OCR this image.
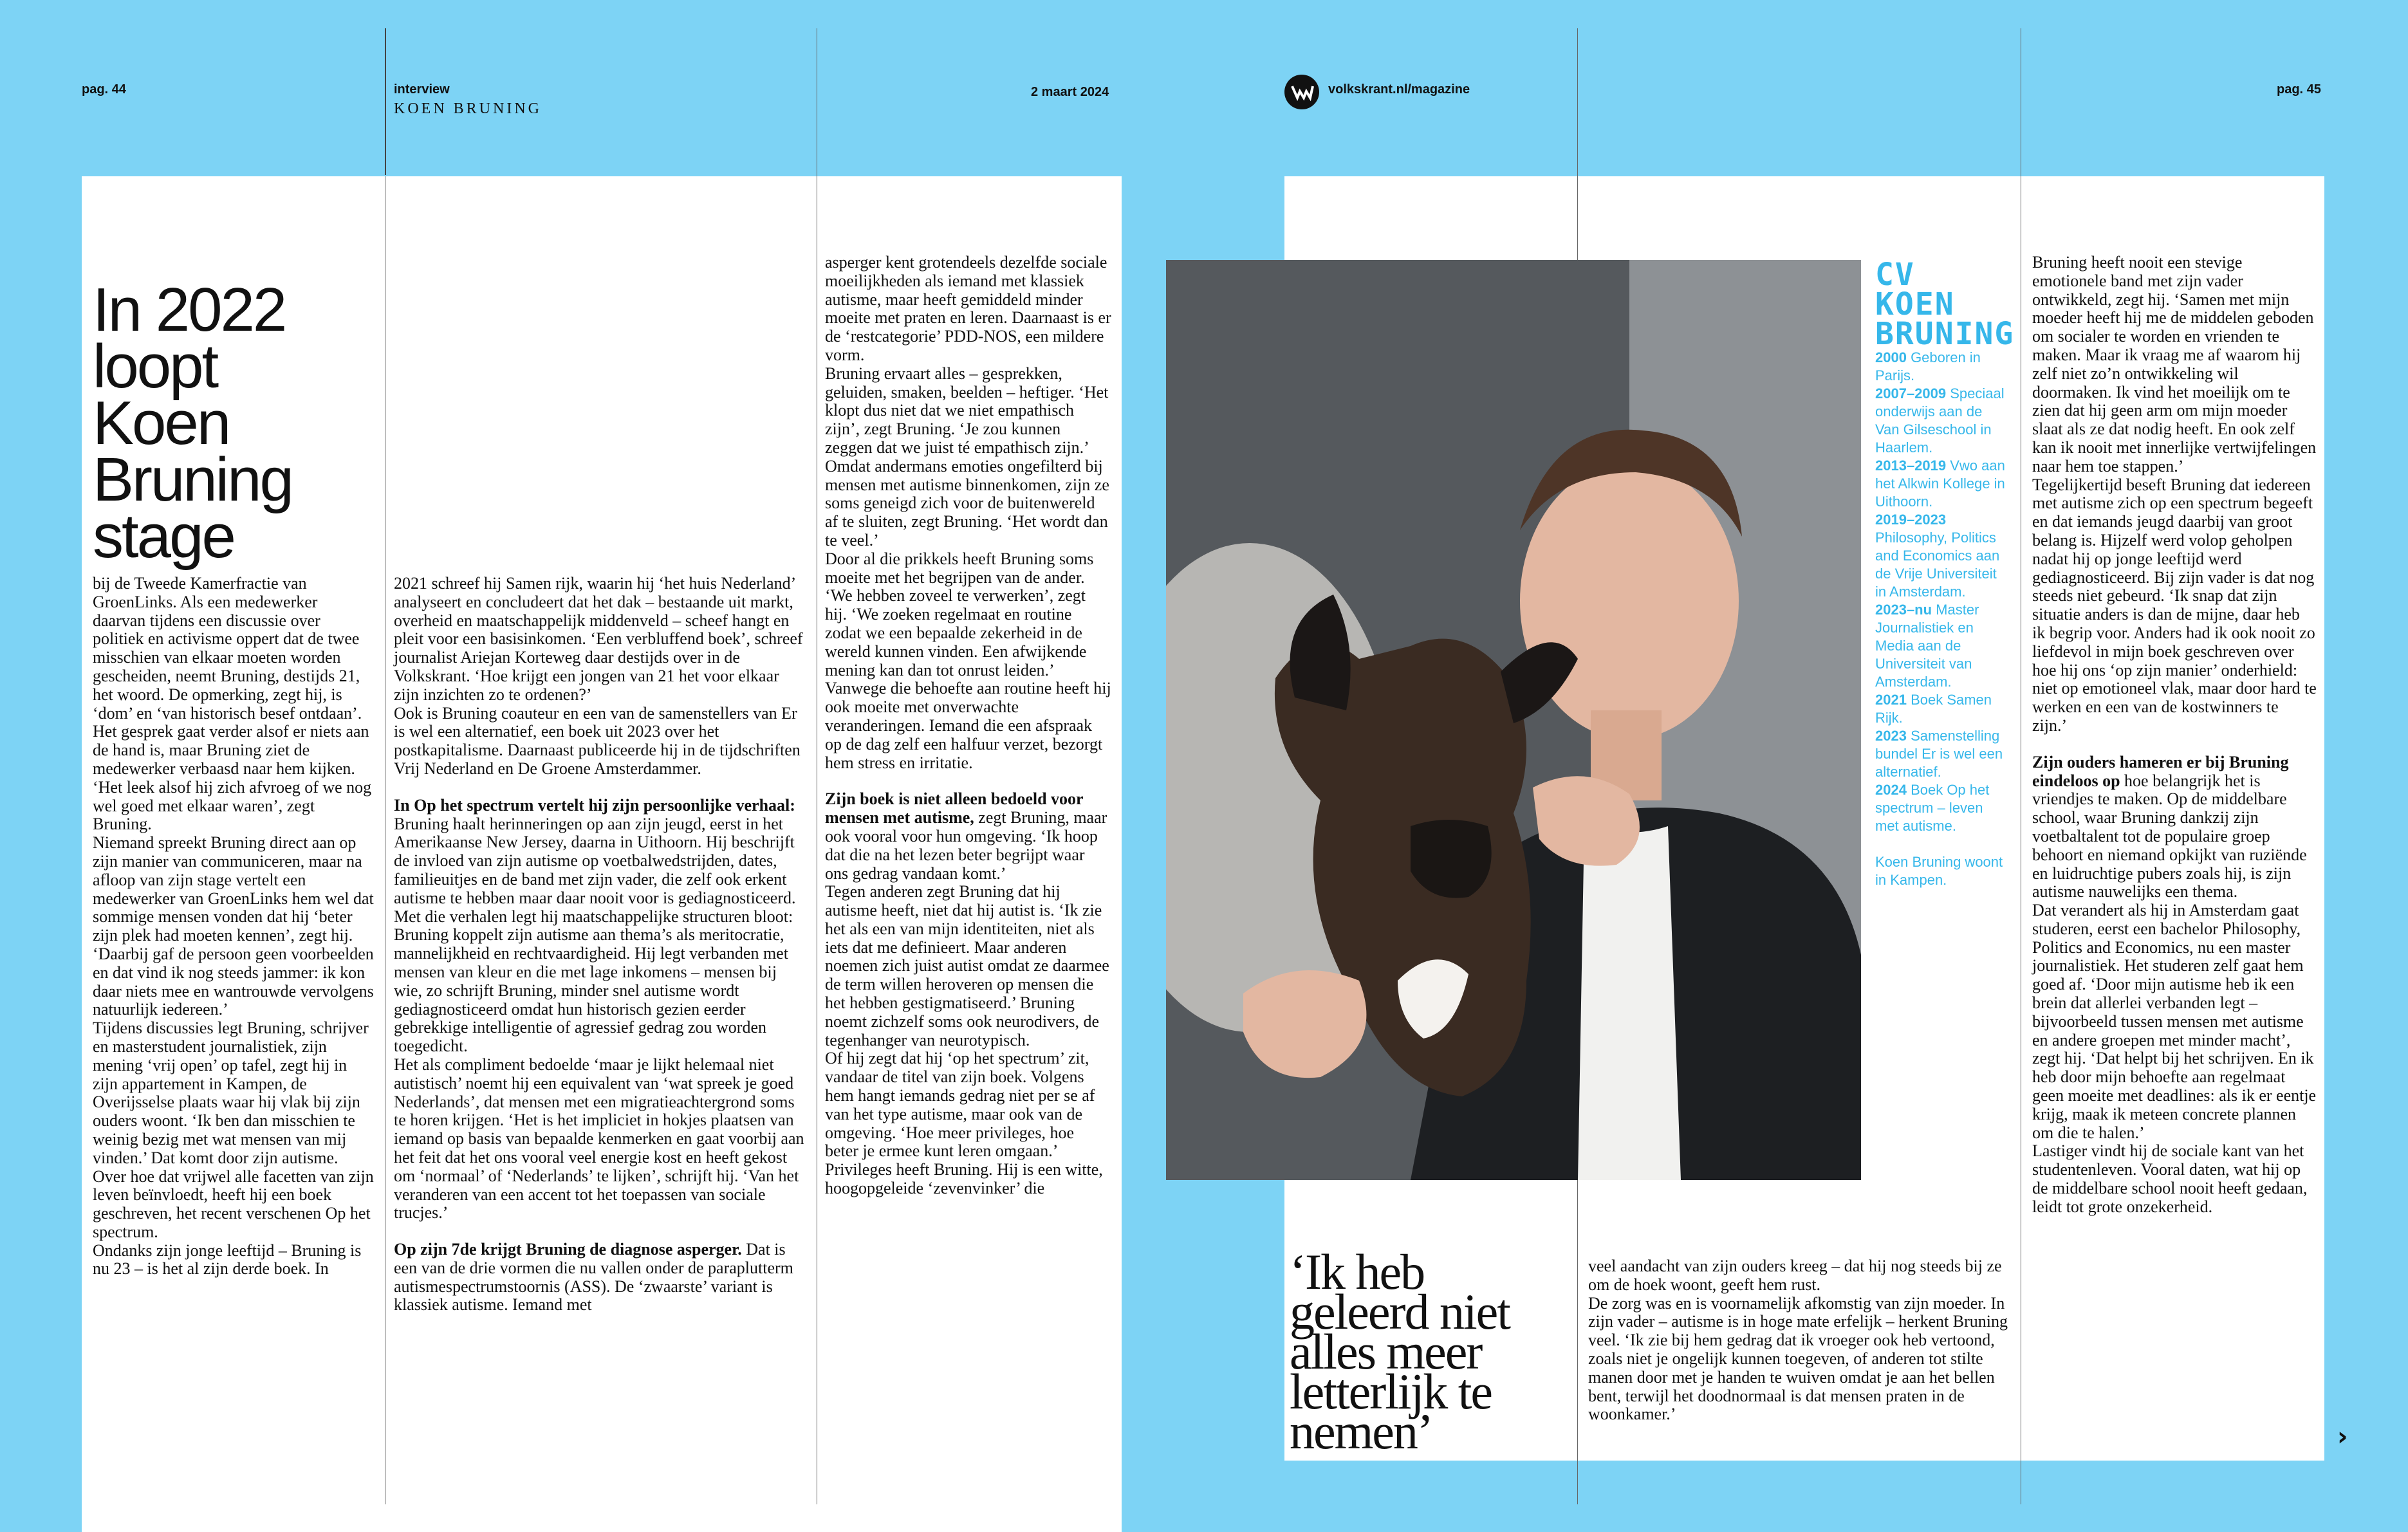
pag. 44	interview
KOEN BRUNING
2 maart 2024	volkskrant.nl/magazine	pag. 45
In 2022 loopt Koen Bruning stage

bij de Tweede Kamerfractie van GroenLinks. Als een medewerker daarvan tijdens een discussie over politiek en activisme oppert dat de twee misschien van elkaar moeten worden gescheiden, neemt Bruning, destijds 21, het woord. De opmerking, zegt hij, is ‘dom’ en ‘van historisch besef ontdaan’.

Het gesprek gaat verder alsof er niets aan de hand is, maar Bruning ziet de medewerker verbaasd naar hem kijken. ‘Het leek alsof hij zich afvroeg of we nog wel goed met elkaar waren’, zegt Bruning.

Niemand spreekt Bruning direct aan op zijn manier van communiceren, maar na afloop van zijn stage vertelt een medewerker van GroenLinks hem wel dat sommige mensen vonden dat hij ‘beter zijn plek had moeten kennen’, zegt hij. ‘Daarbij gaf de persoon geen voorbeelden en dat vind ik nog steeds jammer: ik kon daar niets mee en wantrouwde vervolgens natuurlijk iedereen.’

Tijdens discussies legt Bruning, schrijver en masterstudent journalistiek, zijn mening ‘vrij open’ op tafel, zegt hij in zijn appartement in Kampen, de Overijsselse plaats waar hij vlak bij zijn ouders woont. ‘Ik ben dan misschien te weinig bezig met wat mensen van mij vinden.’ Dat komt door zijn autisme. Over hoe dat vrijwel alle facetten van zijn leven beïnvloedt, heeft hij een boek geschreven, het recent verschenen Op het spectrum.

Ondanks zijn jonge leeftijd – Bruning is nu 23 – is het al zijn derde boek. In

2021 schreef hij Samen rijk, waarin hij ‘het huis Nederland’ analyseert en concludeert dat het dak – bestaande uit markt, overheid en maatschappelijk middenveld – scheef hangt en pleit voor een basisinkomen. ‘Een verbluffend boek’, schreef journalist Ariejan Korteweg daar destijds over in de Volkskrant. ‘Hoe krijgt een jongen van 21 het voor elkaar zijn inzichten zo te ordenen?’

Ook is Bruning coauteur en een van de samenstellers van Er is wel een alternatief, een boek uit 2023 over het postkapitalisme. Daarnaast publiceerde hij in de tijdschriften Vrij Nederland en De Groene Amsterdammer.

In Op het spectrum vertelt hij zijn persoonlijke verhaal: Bruning haalt herinneringen op aan zijn jeugd, eerst in het Amerikaanse New Jersey, daarna in Uithoorn. Hij beschrijft de invloed van zijn autisme op voetbalwedstrijden, dates, familieuitjes en de band met zijn vader, die zelf ook erkent autisme te hebben maar daar nooit voor is gediagnosticeerd.

Met die verhalen legt hij maatschappelijke structuren bloot: Bruning koppelt zijn autisme aan thema’s als meritocratie, mannelijkheid en rechtvaardigheid. Hij legt verbanden met mensen van kleur en die met lage inkomens – mensen bij wie, zo schrijft Bruning, minder snel autisme wordt gediagnosticeerd omdat hun historisch gezien eerder gebrekkige intelligentie of agressief gedrag zou worden toegedicht.

Het als compliment bedoelde ‘maar je lijkt helemaal niet autistisch’ noemt hij een equivalent van ‘wat spreek je goed Nederlands’, dat mensen met een migratieachtergrond soms te horen krijgen. ‘Het is het impliciet in hokjes plaatsen van iemand op basis van bepaalde kenmerken en gaat voorbij aan het feit dat het ons vooral veel energie kost en heeft gekost om ‘normaal’ of ‘Nederlands’ te lijken’, schrijft hij. ‘Van het veranderen van een accent tot het toepassen van sociale trucjes.’

Op zijn 7de krijgt Bruning de diagnose asperger. Dat is een van de drie vormen die nu vallen onder de paraplutterm autismespectrumstoornis (ASS). De ‘zwaarste’ variant is klassiek autisme. Iemand met

asperger kent grotendeels dezelfde sociale moeilijkheden als iemand met klassiek autisme, maar heeft gemiddeld minder moeite met praten en leren. Daarnaast is er de ‘restcategorie’ PDD-NOS, een mildere vorm.

Bruning ervaart alles – gesprekken, geluiden, smaken, beelden – heftiger. ‘Het klopt dus niet dat we niet empathisch zijn’, zegt Bruning. ‘Je zou kunnen zeggen dat we juist té empathisch zijn.’

Omdat andermans emoties ongefilterd bij mensen met autisme binnenkomen, zijn ze soms geneigd zich voor de buitenwereld af te sluiten, zegt Bruning. ‘Het wordt dan te veel.’

Door al die prikkels heeft Bruning soms moeite met het begrijpen van de ander. ‘We hebben zoveel te verwerken’, zegt hij. ‘We zoeken regelmaat en routine zodat we een bepaalde zekerheid in de wereld kunnen vinden. Een afwijkende mening kan dan tot onrust leiden.’

Vanwege die behoefte aan routine heeft hij ook moeite met onverwachte veranderingen. Iemand die een afspraak op de dag zelf een halfuur verzet, bezorgt hem stress en irritatie.

Zijn boek is niet alleen bedoeld voor mensen met autisme, zegt Bruning, maar ook vooral voor hun omgeving. ‘Ik hoop dat die na het lezen beter begrijpt waar ons gedrag vandaan komt.’

Tegen anderen zegt Bruning dat hij autisme heeft, niet dat hij autist is. ‘Ik zie het als een van mijn identiteiten, niet als iets dat me definieert. Maar anderen noemen zich juist autist omdat ze daarmee de term willen heroveren op mensen die het hebben gestigmatiseerd.’ Bruning noemt zichzelf soms ook neurodivers, de tegenhanger van neurotypisch.

Of hij zegt dat hij ‘op het spectrum’ zit, vandaar de titel van zijn boek. Volgens hem hangt iemands gedrag niet per se af van het type autisme, maar ook van de omgeving. ‘Hoe meer privileges, hoe beter je ermee kunt leren omgaan.’

Privileges heeft Bruning. Hij is een witte, hoogopgeleide ‘zevenvinker’ die

CV
KOEN
BRUNING
2000 Geboren in Parijs.
2007–2009 Speciaal onderwijs aan de Van Gilseschool in Haarlem.
2013–2019 Vwo aan het Alkwin Kollege in Uithoorn.
2019–2023 Philosophy, Politics and Economics aan de Vrije Universiteit in Amsterdam.
2023–nu Master Journalistiek en Media aan de Universiteit van Amsterdam.
2021 Boek Samen Rijk.
2023 Samenstelling bundel Er is wel een alternatief.
2024 Boek Op het spectrum – leven met autisme.
Koen Bruning woont in Kampen.
‘Ik heb geleerd niet alles meer letterlijk te nemen’

veel aandacht van zijn ouders kreeg – dat hij nog steeds bij ze om de hoek woont, geeft hem rust.

De zorg was en is voornamelijk afkomstig van zijn moeder. In zijn vader – autisme is in hoge mate erfelijk – herkent Bruning veel. ‘Ik zie bij hem gedrag dat ik vroeger ook heb vertoond, zoals niet je ongelijk kunnen toegeven, of anderen tot stilte manen door met je handen te wuiven omdat je aan het bellen bent, terwijl het doodnormaal is dat mensen praten in de woonkamer.’

Bruning heeft nooit een stevige emotionele band met zijn vader ontwikkeld, zegt hij. ‘Samen met mijn moeder heeft hij me de middelen geboden om socialer te worden en vrienden te maken. Maar ik vraag me af waarom hij zelf niet zo’n ontwikkeling wil doormaken. Ik vind het moeilijk om te zien dat hij geen arm om mijn moeder slaat als ze dat nodig heeft. En ook zelf kan ik nooit met innerlijke vertwijfelingen naar hem toe stappen.’

Tegelijkertijd beseft Bruning dat iedereen met autisme zich op een spectrum begeeft en dat iemands jeugd daarbij van groot belang is. Hijzelf werd volop geholpen nadat hij op jonge leeftijd werd gediagnosticeerd. Bij zijn vader is dat nog steeds niet gebeurd. ‘Ik snap dat zijn situatie anders is dan de mijne, daar heb ik begrip voor. Anders had ik ook nooit zo liefdevol in mijn boek geschreven over hoe hij ons ‘op zijn manier’ onderhield: niet op emotioneel vlak, maar door hard te werken en een van de kostwinners te zijn.’

Zijn ouders hameren er bij Bruning eindeloos op hoe belangrijk het is vriendjes te maken. Op de middelbare school, waar Bruning dankzij zijn voetbaltalent tot de populaire groep behoort en niemand opkijkt van ruziënde en luidruchtige pubers zoals hij, is zijn autisme nauwelijks een thema.

Dat verandert als hij in Amsterdam gaat studeren, eerst een bachelor Philosophy, Politics and Economics, nu een master journalistiek. Het studeren zelf gaat hem goed af. ‘Door mijn autisme heb ik een brein dat allerlei verbanden legt – bijvoorbeeld tussen mensen met autisme en andere groepen met minder macht’, zegt hij. ‘Dat helpt bij het schrijven. En ik heb door mijn behoefte aan regelmaat geen moeite met deadlines: als ik er eentje krijg, maak ik meteen concrete plannen om die te halen.’

Lastiger vindt hij de sociale kant van het studentenleven. Vooral daten, wat hij op de middelbare school nooit heeft gedaan, leidt tot grote onzekerheid.

›
